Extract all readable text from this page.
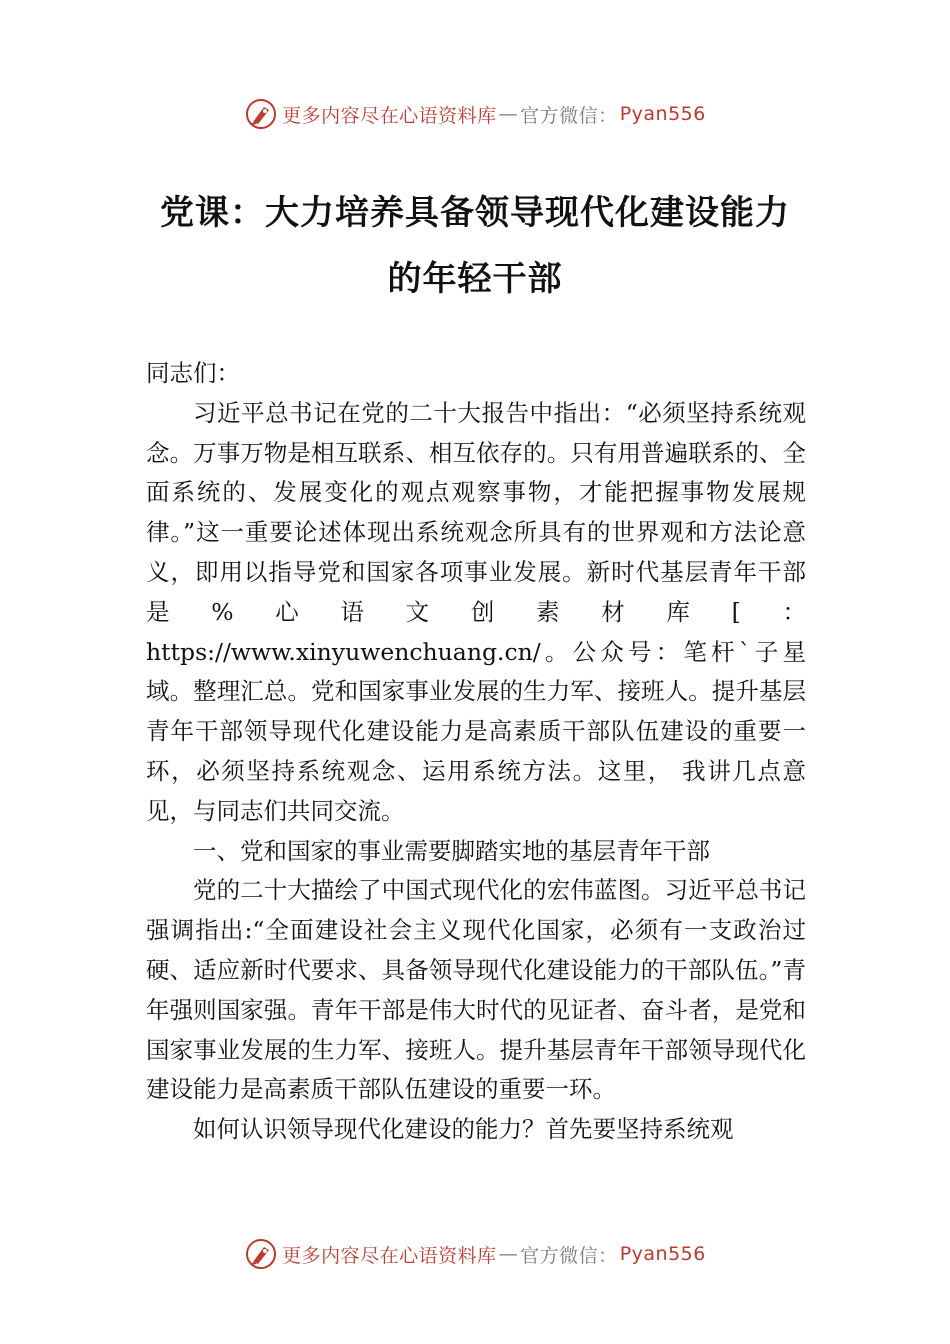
更多内容尽在心语资料库 — 官方微信： Pyan556
党课：大力培养具备领导现代化建设能力
的年轻干部

同志们：

习近平总书记在党的二十大报告中指出：“必须坚持系统观念。万事万物是相互联系、相互依存的。只有用普遍联系的、全面系统的、发展变化的观点观察事物，才能把握事物发展规律。”这一重要论述体现出系统观念所具有的世界观和方法论意义，即用以指导党和国家各项事业发展。新时代基层青年干部是%心语文创素材库[：https://www.xinyuwenchuang.cn/。公众号：笔杆`子星域。整理汇总。党和国家事业发展的生力军、接班人。提升基层青年干部领导现代化建设能力是高素质干部队伍建设的重要一环，必须坚持系统观念、运用系统方法。这里， 我讲几点意见，与同志们共同交流。

一、党和国家的事业需要脚踏实地的基层青年干部

党的二十大描绘了中国式现代化的宏伟蓝图。习近平总书记强调指出:“全面建设社会主义现代化国家，必须有一支政治过硬、适应新时代要求、具备领导现代化建设能力的干部队伍。”青年强则国家强。青年干部是伟大时代的见证者、奋斗者，是党和国家事业发展的生力军、接班人。提升基层青年干部领导现代化建设能力是高素质干部队伍建设的重要一环。

如何认识领导现代化建设的能力？首先要坚持系统观

更多内容尽在心语资料库 — 官方微信： Pyan556
